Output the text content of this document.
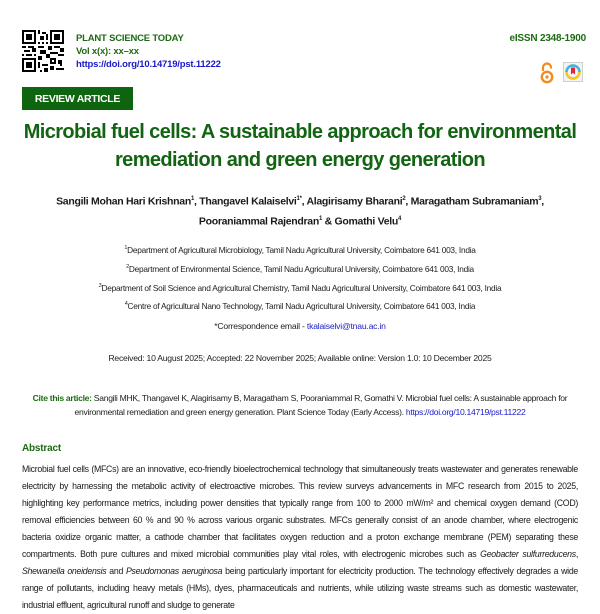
PLANT SCIENCE TODAY
Vol x(x): xx–xx
https://doi.org/10.14719/pst.11222
eISSN 2348-1900
REVIEW ARTICLE
Microbial fuel cells: A sustainable approach for environmental
remediation and green energy generation
Sangili Mohan Hari Krishnan$^1$, Thangavel Kalaiselvi$^{1*}$, Alagirisamy Bharani$^2$, Maragatham Subramaniam$^3$,
Pooraniammal Rajendran$^1$ & Gomathi Velu$^4$
$^1$Department of Agricultural Microbiology, Tamil Nadu Agricultural University, Coimbatore 641 003, India
$^2$Department of Environmental Science, Tamil Nadu Agricultural University, Coimbatore 641 003, India
$^3$Department of Soil Science and Agricultural Chemistry, Tamil Nadu Agricultural University, Coimbatore 641 003, India
$^4$Centre of Agricultural Nano Technology, Tamil Nadu Agricultural University, Coimbatore 641 003, India
*Correspondence email - tkalaiselvi@tnau.ac.in
Received: 10 August 2025; Accepted: 22 November 2025; Available online: Version 1.0: 10 December 2025
Cite this article: Sangili MHK, Thangavel K, Alagirisamy B, Maragatham S, Pooraniammal R, Gomathi V. Microbial fuel cells: A sustainable approach for environmental remediation and green energy generation. Plant Science Today (Early Access). https://doi.org/10.14719/pst.11222
Abstract
Microbial fuel cells (MFCs) are an innovative, eco-friendly bioelectrochemical technology that simultaneously treats wastewater and generates renewable electricity by harnessing the metabolic activity of electroactive microbes. This review surveys advancements in MFC research from 2015 to 2025, highlighting key performance metrics, including power densities that typically range from 100 to 2000 mW/m² and chemical oxygen demand (COD) removal efficiencies between 60 % and 90 % across various organic substrates. MFCs generally consist of an anode chamber, where electrogenic bacteria oxidize organic matter, a cathode chamber that facilitates oxygen reduction and a proton exchange membrane (PEM) separating these compartments. Both pure cultures and mixed microbial communities play vital roles, with electrogenic microbes such as Geobacter sulfurreducens, Shewanella oneidensis and Pseudomonas aeruginosa being particularly important for electricity production. The technology effectively degrades a wide range of pollutants, including heavy metals (HMs), dyes, pharmaceuticals and nutrients, while utilizing waste streams such as domestic wastewater, industrial effluent, agricultural runoff and sludge to generate
